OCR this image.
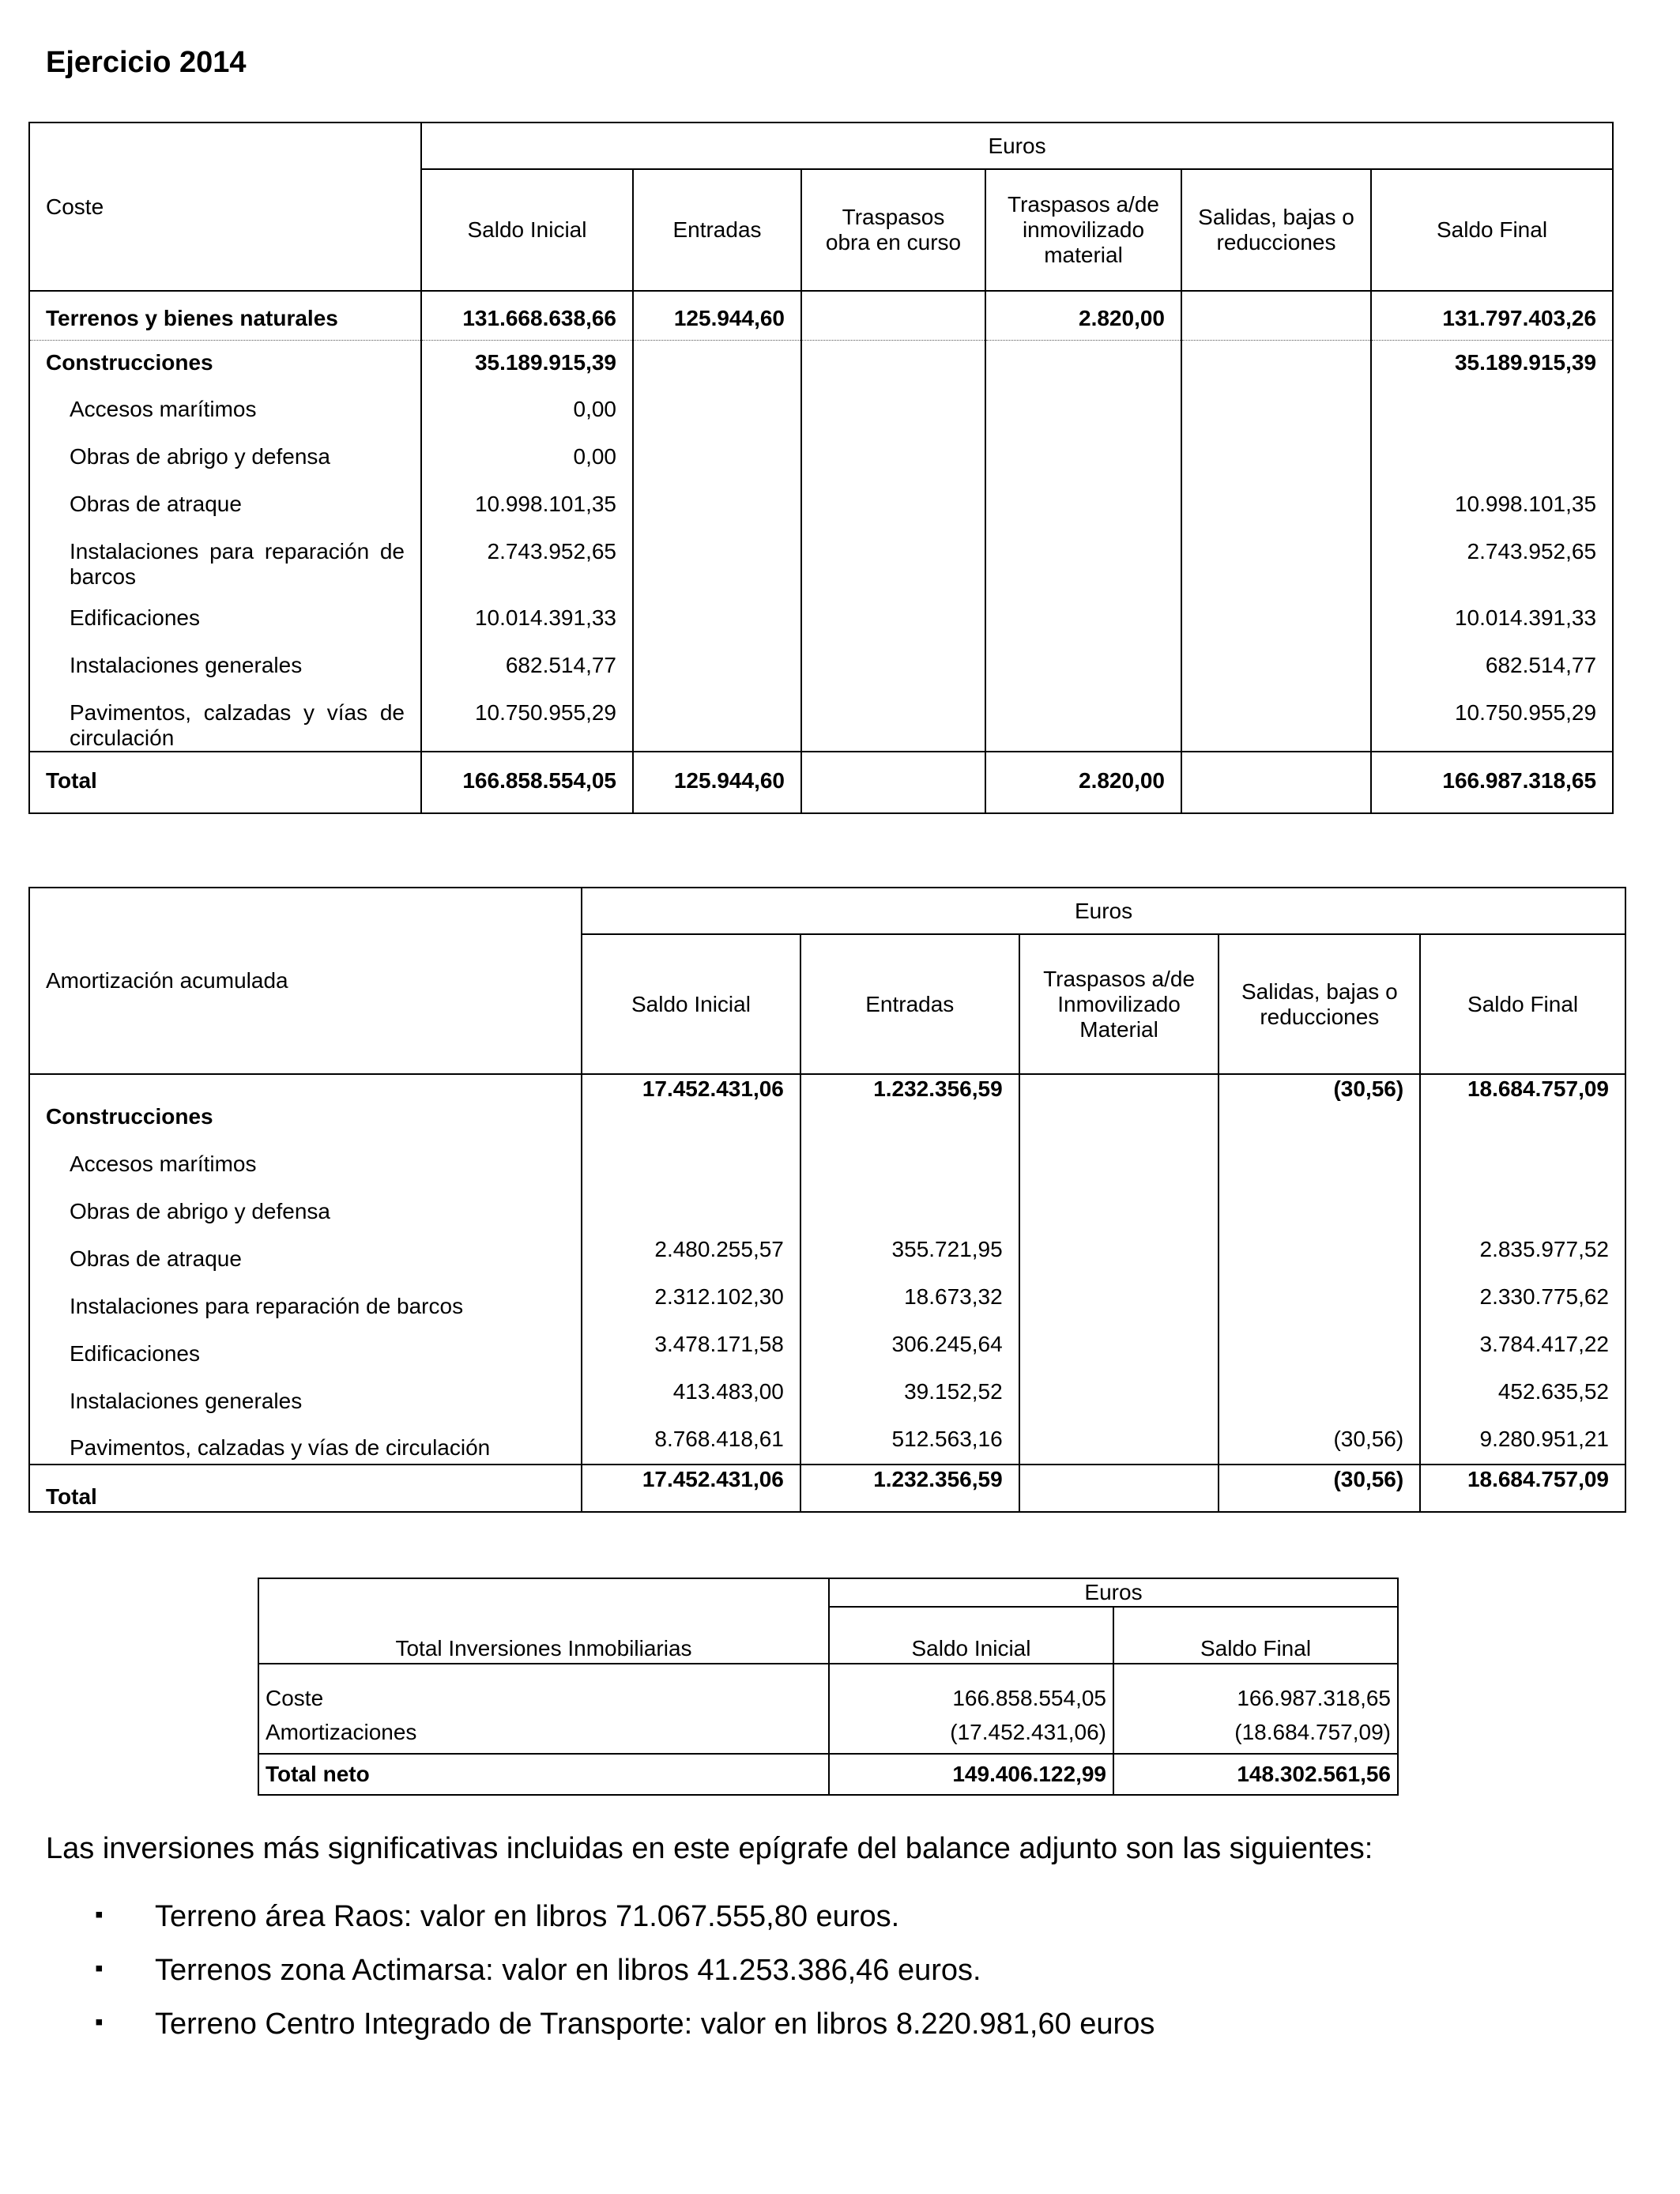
Ejercicio 2014
Coste	Euros					
	Saldo Inicial	Entradas	Traspasos obra en curso	Traspasos a/de inmovilizado material	Salidas, bajas o reducciones	Saldo Final
Terrenos y bienes naturales	131.668.638,66	125.944,60		2.820,00		131.797.403,26
Construcciones	35.189.915,39					35.189.915,39
Accesos marítimos	0,00					
Obras de abrigo y defensa	0,00					
Obras de atraque	10.998.101,35					10.998.101,35
Instalaciones para reparación de barcos	2.743.952,65					2.743.952,65
Edificaciones	10.014.391,33					10.014.391,33
Instalaciones generales	682.514,77					682.514,77
Pavimentos, calzadas y vías de circulación	10.750.955,29					10.750.955,29
Total	166.858.554,05	125.944,60		2.820,00		166.987.318,65
Amortización acumulada	Euros				
	Saldo Inicial	Entradas	Traspasos a/de Inmovilizado Material	Salidas, bajas o reducciones	Saldo Final
Construcciones	17.452.431,06	1.232.356,59		(30,56)	18.684.757,09
Accesos marítimos					
Obras de abrigo y defensa					
Obras de atraque	2.480.255,57	355.721,95			2.835.977,52
Instalaciones para reparación de barcos	2.312.102,30	18.673,32			2.330.775,62
Edificaciones	3.478.171,58	306.245,64			3.784.417,22
Instalaciones generales	413.483,00	39.152,52			452.635,52
Pavimentos, calzadas y vías de circulación	8.768.418,61	512.563,16		(30,56)	9.280.951,21
Total	17.452.431,06	1.232.356,59		(30,56)	18.684.757,09
Total Inversiones Inmobiliarias	Euros	
	Saldo Inicial	Saldo Final
Coste	166.858.554,05	166.987.318,65
Amortizaciones	(17.452.431,06)	(18.684.757,09)
Total neto	149.406.122,99	148.302.561,56
Las inversiones más significativas incluidas en este epígrafe del balance adjunto son las siguientes:
▪ Terreno área Raos: valor en libros 71.067.555,80 euros.
▪ Terrenos zona Actimarsa: valor en libros 41.253.386,46 euros.
▪ Terreno Centro Integrado de Transporte: valor en libros 8.220.981,60 euros
